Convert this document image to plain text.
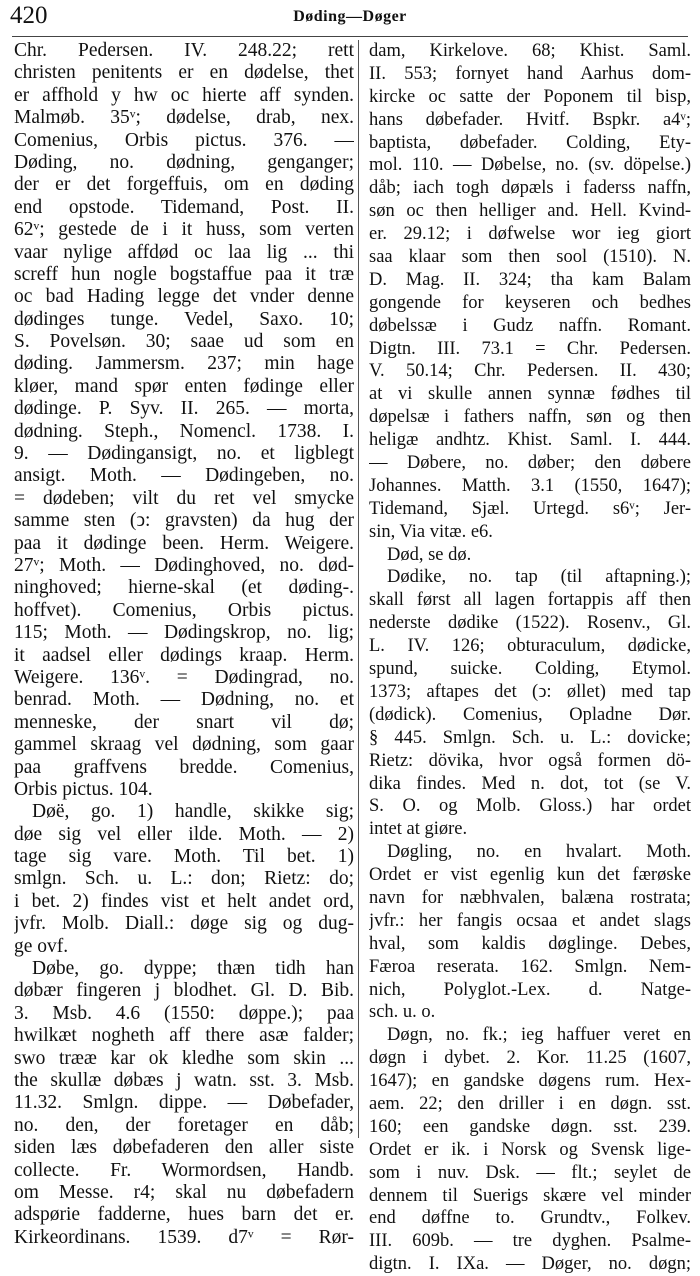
420	Døding—Døger
Chr. Pedersen. IV. 248.22; rett
christen penitents er en dødelse, thet
er affhold y hw oc hierte aff synden.
Malmøb. 35ᵛ; dødelse, drab, nex.
Comenius, Orbis pictus. 376. —
Døding, no. dødning, genganger;
der er det forgeffuis, om en døding
end opstode. Tidemand, Post. II.
62ᵛ; gestede de i it huss, som verten
vaar nylige affdød oc laa lig ... thi
screff hun nogle bogstaffue paa it træ
oc bad Hading legge det vnder denne
dødinges tunge. Vedel, Saxo. 10;
S. Povelsøn. 30; saae ud som en
døding. Jammersm. 237; min hage
kløer, mand spør enten fødinge eller
dødinge. P. Syv. II. 265. — morta,
dødning. Steph., Nomencl. 1738. I.
9. — Dødingansigt, no. et ligblegt
ansigt. Moth. — Dødingeben, no.
= dødeben; vilt du ret vel smycke
samme sten (ↄ: gravsten) da hug der
paa it dødinge been. Herm. Weigere.
27ᵛ; Moth. — Dødinghoved, no. død-
ninghoved; hierne-skal (et døding-.
hoffvet). Comenius, Orbis pictus.
115; Moth. — Dødingskrop, no. lig;
it aadsel eller dødings kraap. Herm.
Weigere. 136ᵛ. = Dødingrad, no.
benrad. Moth. — Dødning, no. et
menneske, der snart vil dø;
gammel skraag vel dødning, som gaar
paa graffvens bredde. Comenius,
Orbis pictus. 104.
Døë, go. 1) handle, skikke sig;
døe sig vel eller ilde. Moth. — 2)
tage sig vare. Moth. Til bet. 1)
smlgn. Sch. u. L.: don; Rietz: do;
i bet. 2) findes vist et helt andet ord,
jvfr. Molb. Diall.: døge sig og dug-
ge ovf.
Døbe, go. dyppe; thæn tidh han
døbær fingeren j blodhet. Gl. D. Bib.
3. Msb. 4.6 (1550: døppe.); paa
hwilkæt nogheth aff there asæ falder;
swo trææ kar ok kledhe som skin ...
the skullæ døbæs j watn. sst. 3. Msb.
11.32. Smlgn. dippe. — Døbefader,
no. den, der foretager en dåb;
siden læs døbefaderen den aller siste
collecte. Fr. Wormordsen, Handb.
om Messe. r4; skal nu døbefadern
adspørie fadderne, hues barn det er.
Kirkeordinans. 1539. d7ᵛ = Rør-
dam, Kirkelove. 68; Khist. Saml.
II. 553; fornyet hand Aarhus dom-
kircke oc satte der Poponem til bisp,
hans døbefader. Hvitf. Bspkr. a4ᵛ;
baptista, døbefader. Colding, Ety-
mol. 110. — Døbelse, no. (sv. döpelse.)
dåb; iach togh døpæls i faderss naffn,
søn oc then helliger and. Hell. Kvind-
er. 29.12; i døfwelse wor ieg giort
saa klaar som then sool (1510). N.
D. Mag. II. 324; tha kam Balam
gongende for keyseren och bedhes
døbelssæ i Gudz naffn. Romant.
Digtn. III. 73.1 = Chr. Pedersen.
V. 50.14; Chr. Pedersen. II. 430;
at vi skulle annen synnæ fødhes til
døpelsæ i fathers naffn, søn og then
heligæ andhtz. Khist. Saml. I. 444.
— Døbere, no. døber; den døbere
Johannes. Matth. 3.1 (1550, 1647);
Tidemand, Sjæl. Urtegd. s6ᵛ; Jer-
sin, Via vitæ. e6.
Død, se dø.
Dødike, no. tap (til aftapning.);
skall først all lagen fortappis aff then
nederste dødike (1522). Rosenv., Gl.
L. IV. 126; obturaculum, dødicke,
spund, suicke. Colding, Etymol.
1373; aftapes det (ↄ: øllet) med tap
(dødick). Comenius, Opladne Dør.
§ 445. Smlgn. Sch. u. L.: dovicke;
Rietz: dövika, hvor også formen dö-
dika findes. Med n. dot, tot (se V.
S. O. og Molb. Gloss.) har ordet
intet at giøre.
Døgling, no. en hvalart. Moth.
Ordet er vist egenlig kun det færøske
navn for næbhvalen, balæna rostrata;
jvfr.: her fangis ocsaa et andet slags
hval, som kaldis døglinge. Debes,
Færoa reserata. 162. Smlgn. Nem-
nich, Polyglot.-Lex. d. Natge-
sch. u. o.
Døgn, no. fk.; ieg haffuer veret en
døgn i dybet. 2. Kor. 11.25 (1607,
1647); en gandske døgens rum. Hex-
aem. 22; den driller i en døgn. sst.
160; een gandske døgn. sst. 239.
Ordet er ik. i Norsk og Svensk lige-
som i nuv. Dsk. — flt.; seylet de
dennem til Suerigs skære vel minder
end døffne to. Grundtv., Folkev.
III. 609b. — tre dyghen. Psalme-
digtn. I. IXa. — Døger, no. døgn;
